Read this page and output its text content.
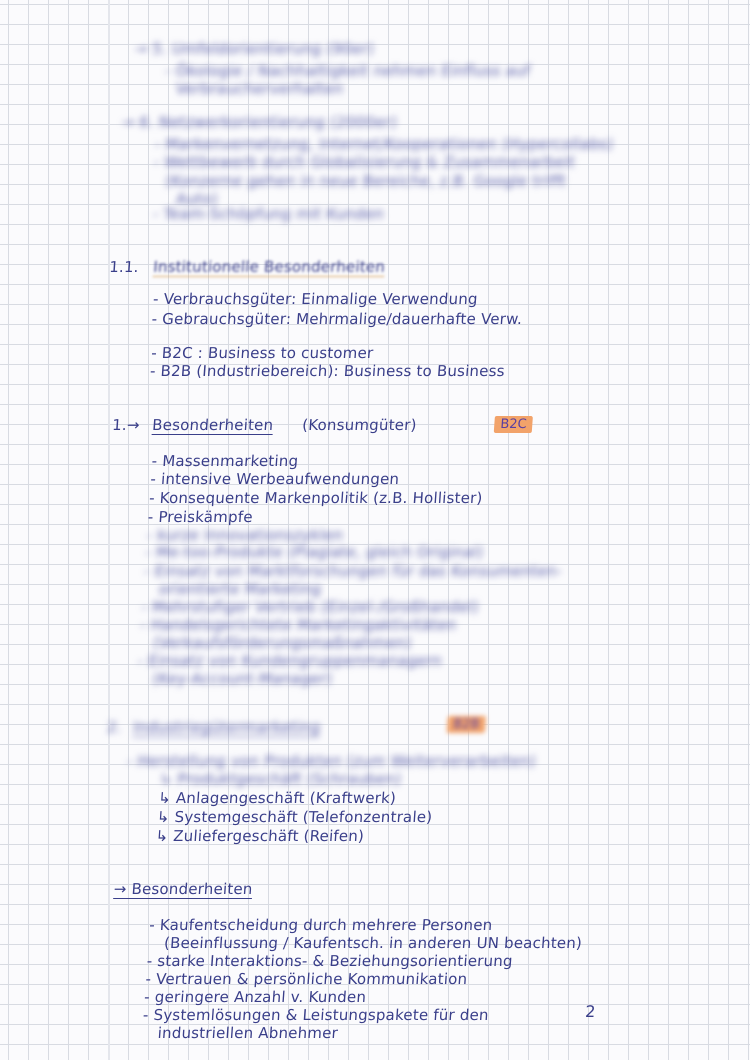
→ 5. Umfeldorientierung (90er)
- Ökologie / Nachhaltigkeit nehmen Einfluss auf
Verbraucherverhalten
→ 6. Netzwerkorientierung (2000er)
- Markenvernetzung, Internet/Kooperationen (Hypercollabs)
- Wettbewerb durch Globalisierung & Zusammenarbeit
(Konzerne gehen in neue Bereiche, z.B. Google trifft
Auto)
- Team-Schöpfung mit Kunden
1.1. Institutionelle Besonderheiten
- Verbrauchsgüter: Einmalige Verwendung
- Gebrauchsgüter: Mehrmalige/dauerhafte Verw.
- B2C : Business to customer
- B2B (Industriebereich): Business to Business
1.→ Besonderheiten (Konsumgüter)	B2C
- Massenmarketing
- intensive Werbeaufwendungen
- Konsequente Markenpolitik (z.B. Hollister)
- Preiskämpfe
- kurze Innovationszyklen
- Me-too-Produkte (Plagiate, gleich Original)
- Einsatz von Marktforschungen für das Konsumenten-
orientierte Marketing
- Mehrstufiger Vertrieb (Einzel-/Großhandel)
- Handelsgerichtete Marketingaktivitäten
(Verkaufsförderungsmaßnahmen)
- Einsatz von Kundengruppenmanagern
(Key-Account-Manager)
2. Industriegütermarketing	B2B
- Herstellung von Produkten (zum Weiterverarbeiten)
↳ Produktgeschäft (Schrauben)
↳ Anlagengeschäft (Kraftwerk)
↳ Systemgeschäft (Telefonzentrale)
↳ Zuliefergeschäft (Reifen)
→ Besonderheiten
- Kaufentscheidung durch mehrere Personen
(Beeinflussung / Kaufentsch. in anderen UN beachten)
- starke Interaktions- & Beziehungsorientierung
- Vertrauen & persönliche Kommunikation
- geringere Anzahl v. Kunden
- Systemlösungen & Leistungspakete für den
industriellen Abnehmer
2
